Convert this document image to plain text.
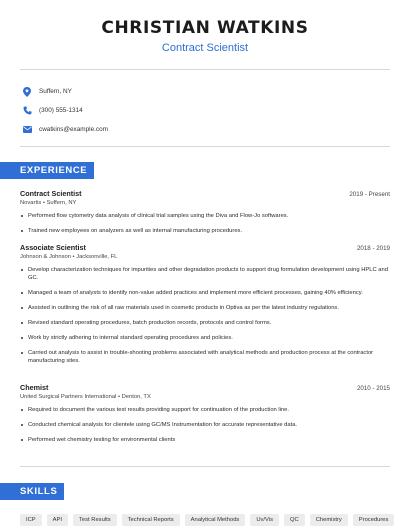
CHRISTIAN WATKINS
Contract Scientist
Suffern, NY
(300) 555-1314
cwatkins@example.com
EXPERIENCE
Contract Scientist	2019 - Present
Novartis • Suffern, NY
Performed flow cytometry data analysis of clinical trial samples using the Diva and Flow-Jo softwares.
Trained new employees on analyzers as well as internal manufacturing procedures.
Associate Scientist	2018 - 2019
Johnson & Johnson • Jacksonville, FL
Develop characterization techniques for impurities and other degradation products to support drug formulation development using HPLC and GC.
Managed a team of analysts to identify non-value added practices and implement more efficient processes, gaining 40% efficiency.
Assisted in outlining the risk of all raw materials used in cosmetic products in Optiva as per the latest industry regulations.
Revised standard operating procedures, batch production records, protocols and control forms.
Work by strictly adhering to internal standard operating procedures and policies.
Carried out analysis to assist in trouble-shooting problems associated with analytical methods and production process at the contractor manufacturing sites.
Chemist	2010 - 2015
United Surgical Partners International • Denton, TX
Required to document the various test results providing support for continuation of the production line.
Conducted chemical analysis for clientele using GC/MS Instrumentation for accurate representative data.
Performed wet chemistry testing for environmental clients
SKILLS
ICP	API	Test Results	Technical Reports	Analytical Methods	Uv/Vis	QC	Chemistry	Procedures
